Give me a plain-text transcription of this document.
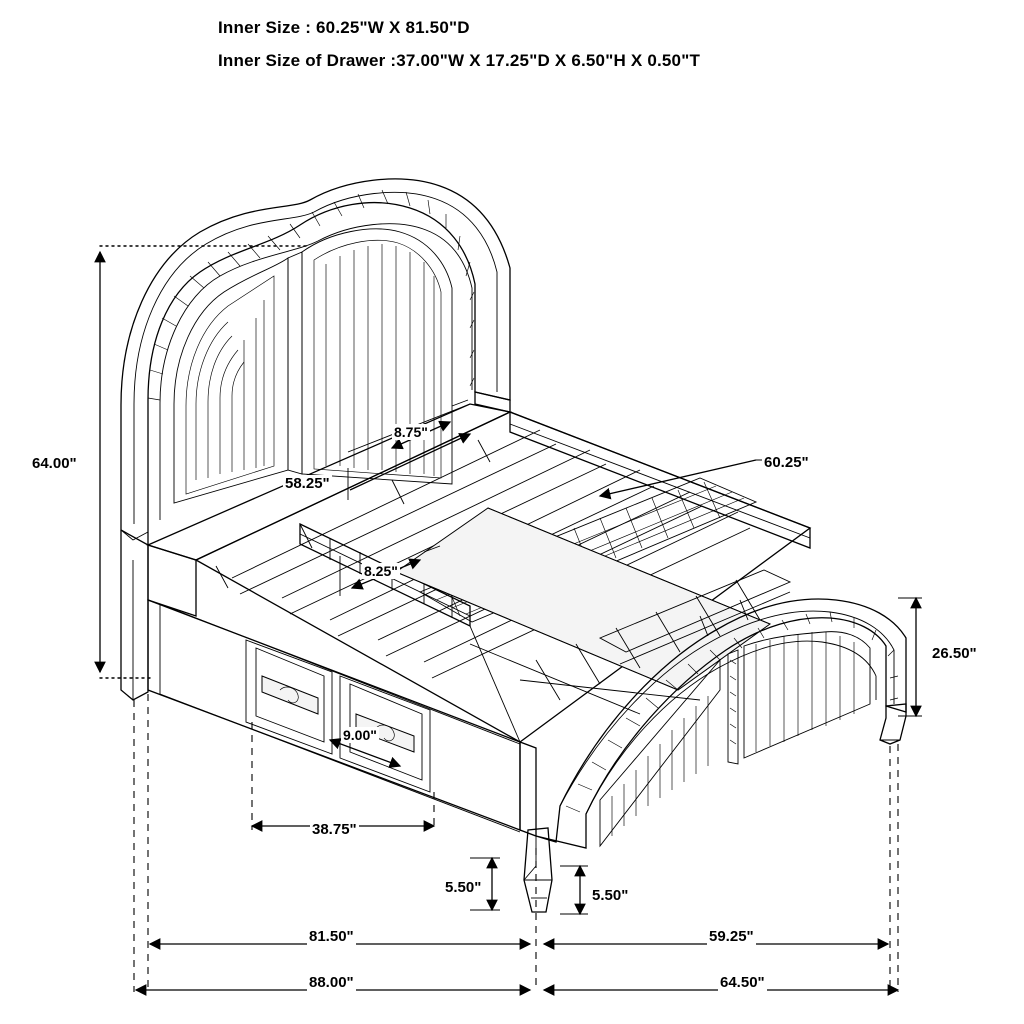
Inner Size : 60.25"W X 81.50"D
Inner Size of Drawer :37.00"W X 17.25"D X 6.50"H X 0.50"T
64.00"
8.75"
58.25"
60.25"
8.25"
26.50"
9.00"
38.75"
5.50"	5.50"
81.50"	59.25"
88.00"	64.50"
